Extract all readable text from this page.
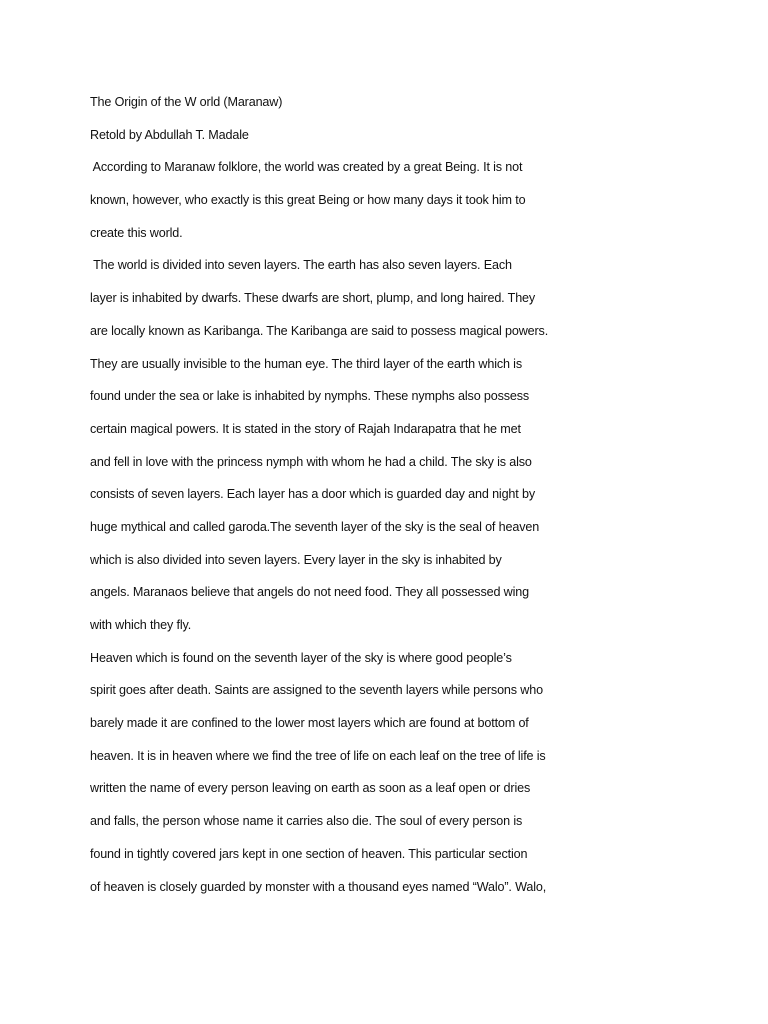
The Origin of the W orld (Maranaw)
Retold by Abdullah T. Madale
According to Maranaw folklore, the world was created by a great Being. It is not
known, however, who exactly is this great Being or how many days it took him to
create this world.
The world is divided into seven layers. The earth has also seven layers. Each
layer is inhabited by dwarfs. These dwarfs are short, plump, and long haired. They
are locally known as Karibanga. The Karibanga are said to possess magical powers.
They are usually invisible to the human eye. The third layer of the earth which is
found under the sea or lake is inhabited by nymphs. These nymphs also possess
certain magical powers. It is stated in the story of Rajah Indarapatra that he met
and fell in love with the princess nymph with whom he had a child. The sky is also
consists of seven layers. Each layer has a door which is guarded day and night by
huge mythical and called garoda.The seventh layer of the sky is the seal of heaven
which is also divided into seven layers. Every layer in the sky is inhabited by
angels. Maranaos believe that angels do not need food. They all possessed wing
with which they fly.
Heaven which is found on the seventh layer of the sky is where good people’s
spirit goes after death. Saints are assigned to the seventh layers while persons who
barely made it are confined to the lower most layers which are found at bottom of
heaven. It is in heaven where we find the tree of life on each leaf on the tree of life is
written the name of every person leaving on earth as soon as a leaf open or dries
and falls, the person whose name it carries also die. The soul of every person is
found in tightly covered jars kept in one section of heaven. This particular section
of heaven is closely guarded by monster with a thousand eyes named “Walo”. Walo,
